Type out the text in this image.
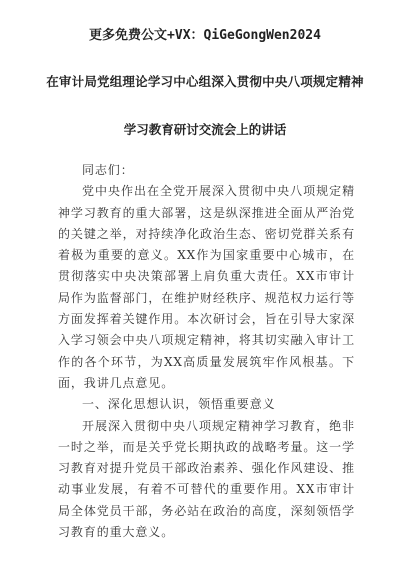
更多免费公文+VX：QiGeGongWen2024
在审计局党组理论学习中心组深入贯彻中央八项规定精神
学习教育研讨交流会上的讲话

同志们：

党中央作出在全党开展深入贯彻中央八项规定精神学习教育的重大部署，这是纵深推进全面从严治党的关键之举，对持续净化政治生态、密切党群关系有着极为重要的意义。XX作为国家重要中心城市，在贯彻落实中央决策部署上肩负重大责任。XX市审计局作为监督部门，在维护财经秩序、规范权力运行等方面发挥着关键作用。本次研讨会，旨在引导大家深入学习领会中央八项规定精神，将其切实融入审计工作的各个环节，为XX高质量发展筑牢作风根基。下面，我讲几点意见。

一、深化思想认识，领悟重要意义

开展深入贯彻中央八项规定精神学习教育，绝非一时之举，而是关乎党长期执政的战略考量。这一学习教育对提升党员干部政治素养、强化作风建设、推动事业发展，有着不可替代的重要作用。XX市审计局全体党员干部，务必站在政治的高度，深刻领悟学习教育的重大意义。
